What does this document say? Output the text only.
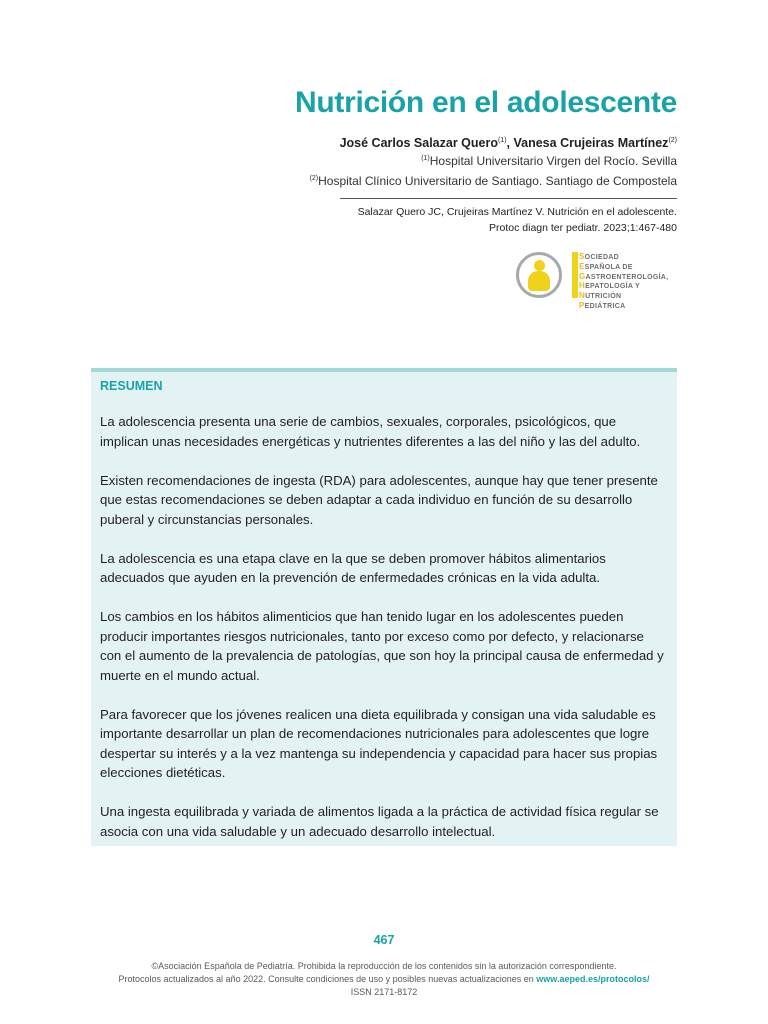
Nutrición en el adolescente
José Carlos Salazar Quero$^{(1)}$, Vanesa Crujeiras Martínez$^{(2)}$
$^{(1)}$Hospital Universitario Virgen del Rocío. Sevilla
$^{(2)}$Hospital Clínico Universitario de Santiago. Santiago de Compostela
Salazar Quero JC, Crujeiras Martínez V. Nutrición en el adolescente.
Protoc diagn ter pediatr. 2023;1:467-480
SOCIEDAD
ESPAÑOLA DE
GASTROENTEROLOGÍA,
HEPATOLOGÍA Y
NUTRICIÓN
PEDIÁTRICA
RESUMEN

La adolescencia presenta una serie de cambios, sexuales, corporales, psicológicos, que implican unas necesidades energéticas y nutrientes diferentes a las del niño y las del adulto.

Existen recomendaciones de ingesta (RDA) para adolescentes, aunque hay que tener presente que estas recomendaciones se deben adaptar a cada individuo en función de su desarrollo puberal y circunstancias personales.

La adolescencia es una etapa clave en la que se deben promover hábitos alimentarios adecuados que ayuden en la prevención de enfermedades crónicas en la vida adulta.

Los cambios en los hábitos alimenticios que han tenido lugar en los adolescentes pueden producir importantes riesgos nutricionales, tanto por exceso como por defecto, y relacionarse con el aumento de la prevalencia de patologías, que son hoy la principal causa de enfermedad y muerte en el mundo actual.

Para favorecer que los jóvenes realicen una dieta equilibrada y consigan una vida saludable es importante desarrollar un plan de recomendaciones nutricionales para adolescentes que logre despertar su interés y a la vez mantenga su independencia y capacidad para hacer sus propias elecciones dietéticas.

Una ingesta equilibrada y variada de alimentos ligada a la práctica de actividad física regular se asocia con una vida saludable y un adecuado desarrollo intelectual.

467
©Asociación Española de Pediatría. Prohibida la reproducción de los contenidos sin la autorización correspondiente.
Protocolos actualizados al año 2022. Consulte condiciones de uso y posibles nuevas actualizaciones en www.aeped.es/protocolos/
ISSN 2171-8172
